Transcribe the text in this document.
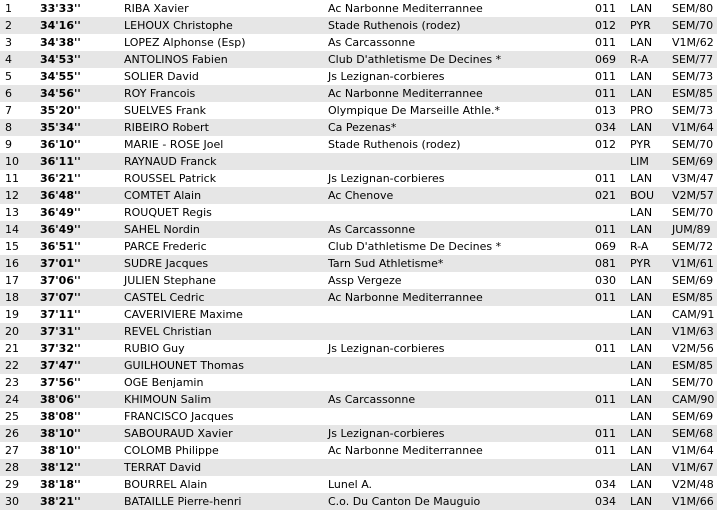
1	33'33''	RIBA Xavier	Ac Narbonne Mediterrannee	011 LAN SEM/80
2	34'16''	LEHOUX Christophe	Stade Ruthenois (rodez)	012 PYR SEM/70
3	34'38''	LOPEZ Alphonse (Esp)	As Carcassonne	011 LAN V1M/62
4	34'53''	ANTOLINOS Fabien	Club D'athletisme De Decines *	069 R-A SEM/77
5	34'55''	SOLIER David	Js Lezignan-corbieres	011 LAN SEM/73
6	34'56''	ROY Francois	Ac Narbonne Mediterrannee	011 LAN ESM/85
7	35'20''	SUELVES Frank	Olympique De Marseille Athle.*	013 PRO SEM/73
8	35'34''	RIBEIRO Robert	Ca Pezenas*	034 LAN V1M/64
9	36'10''	MARIE - ROSE Joel	Stade Ruthenois (rodez)	012 PYR SEM/70
10 36'11''	RAYNAUD Franck	LIM SEM/69
11 36'21''	ROUSSEL Patrick	Js Lezignan-corbieres	011 LAN V3M/47
12 36'48''	COMTET Alain	Ac Chenove	021 BOU V2M/57
13 36'49''	ROUQUET Regis	LAN SEM/70
14 36'49''	SAHEL Nordin	As Carcassonne	011 LAN JUM/89
15 36'51''	PARCE Frederic	Club D'athletisme De Decines *	069 R-A SEM/72
16 37'01''	SUDRE Jacques	Tarn Sud Athletisme*	081 PYR V1M/61
17 37'06''	JULIEN Stephane	Assp Vergeze	030 LAN SEM/69
18 37'07''	CASTEL Cedric	Ac Narbonne Mediterrannee	011 LAN ESM/85
19 37'11''	CAVERIVIERE Maxime	LAN CAM/91
20 37'31''	REVEL Christian	LAN V1M/63
21 37'32''	RUBIO Guy	Js Lezignan-corbieres	011 LAN V2M/56
22 37'47''	GUILHOUNET Thomas	LAN ESM/85
23 37'56''	OGE Benjamin	LAN SEM/70
24 38'06''	KHIMOUN Salim	As Carcassonne	011 LAN CAM/90
25 38'08''	FRANCISCO Jacques	LAN SEM/69
26 38'10''	SABOURAUD Xavier	Js Lezignan-corbieres	011 LAN SEM/68
27 38'10''	COLOMB Philippe	Ac Narbonne Mediterrannee	011 LAN V1M/64
28 38'12''	TERRAT David	LAN V1M/67
29 38'18''	BOURREL Alain	Lunel A.	034 LAN V2M/48
30 38'21''	BATAILLE Pierre-henri	C.o. Du Canton De Mauguio	034 LAN V1M/66
